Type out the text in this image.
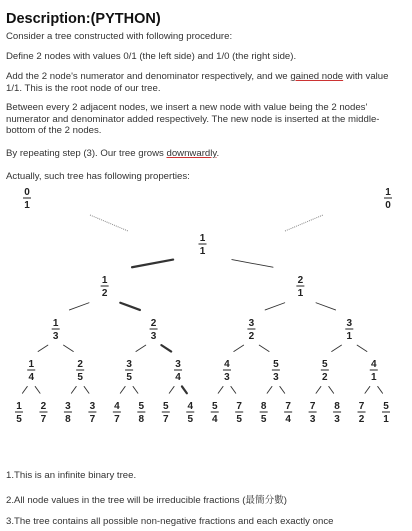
Description:(PYTHON)

Consider a tree constructed with following procedure:

Define 2 nodes with values 0/1 (the left side) and 1/0 (the right side).

Add the 2 node's numerator and denominator respectively, and we gained node with value 1/1. This is the root node of our tree.

Between every 2 adjacent nodes, we insert a new node with value being the 2 nodes' numerator and denominator added respectively. The new node is inserted at the middle-bottom of the 2 nodes.

By repeating step (3). Our tree grows downwardly.

Actually, such tree has following properties:

0
1
1
0
1
1
1
2
2
1
1
3
2
3
3
2
3
1
1
4
2
5
3
5
3
4
4
3
5
3
5
2
4
1
1
5
2
7
3
8
3
7
4
7
5
8
5
7
4
5
5
4
7
5
8
5
7
4
7
3
8
3
7
2
5
1

1.This is an infinite binary tree.

2.All node values in the tree will be irreducible fractions (最簡分數)

3.The tree contains all possible non-negative fractions and each exactly once
